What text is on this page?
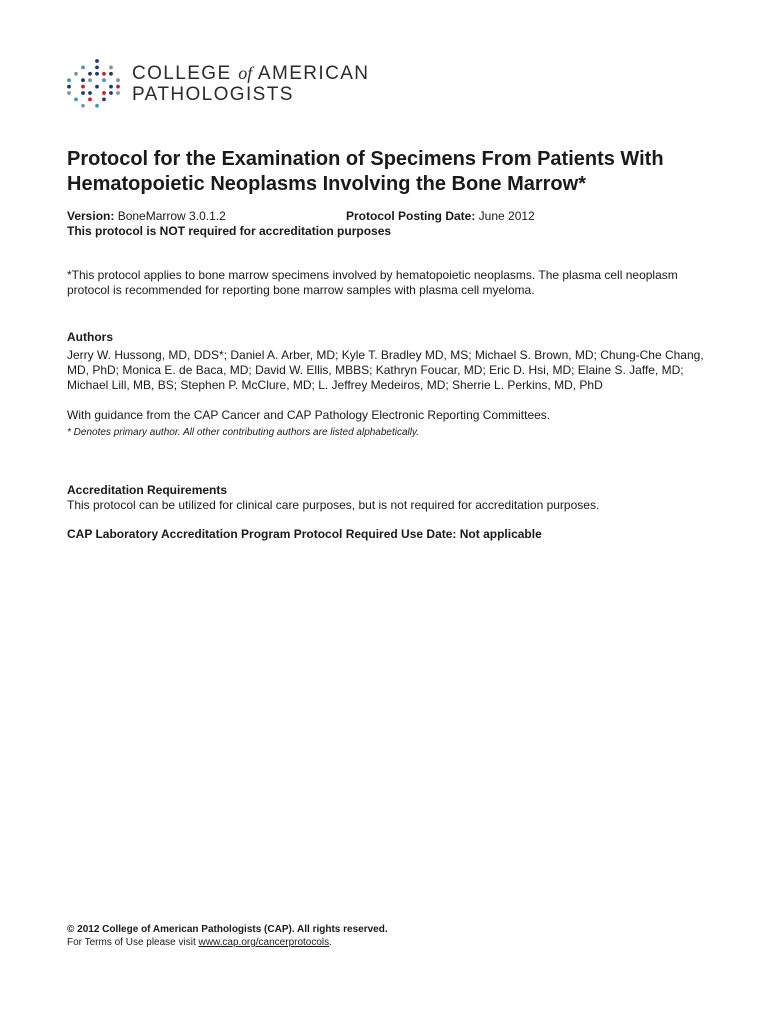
COLLEGE of AMERICAN
PATHOLOGISTS
Protocol for the Examination of Specimens From Patients With Hematopoietic Neoplasms Involving the Bone Marrow*
Version: BoneMarrow 3.0.1.2	Protocol Posting Date: June 2012
This protocol is NOT required for accreditation purposes

*This protocol applies to bone marrow specimens involved by hematopoietic neoplasms. The plasma cell neoplasm protocol is recommended for reporting bone marrow samples with plasma cell myeloma.

Authors

Jerry W. Hussong, MD, DDS*; Daniel A. Arber, MD; Kyle T. Bradley MD, MS; Michael S. Brown, MD; Chung-Che Chang, MD, PhD; Monica E. de Baca, MD; David W. Ellis, MBBS; Kathryn Foucar, MD; Eric D. Hsi, MD; Elaine S. Jaffe, MD; Michael Lill, MB, BS; Stephen P. McClure, MD; L. Jeffrey Medeiros, MD; Sherrie L. Perkins, MD, PhD

With guidance from the CAP Cancer and CAP Pathology Electronic Reporting Committees.

* Denotes primary author. All other contributing authors are listed alphabetically.

Accreditation Requirements

This protocol can be utilized for clinical care purposes, but is not required for accreditation purposes.

CAP Laboratory Accreditation Program Protocol Required Use Date: Not applicable

© 2012 College of American Pathologists (CAP). All rights reserved.
For Terms of Use please visit www.cap.org/cancerprotocols.
